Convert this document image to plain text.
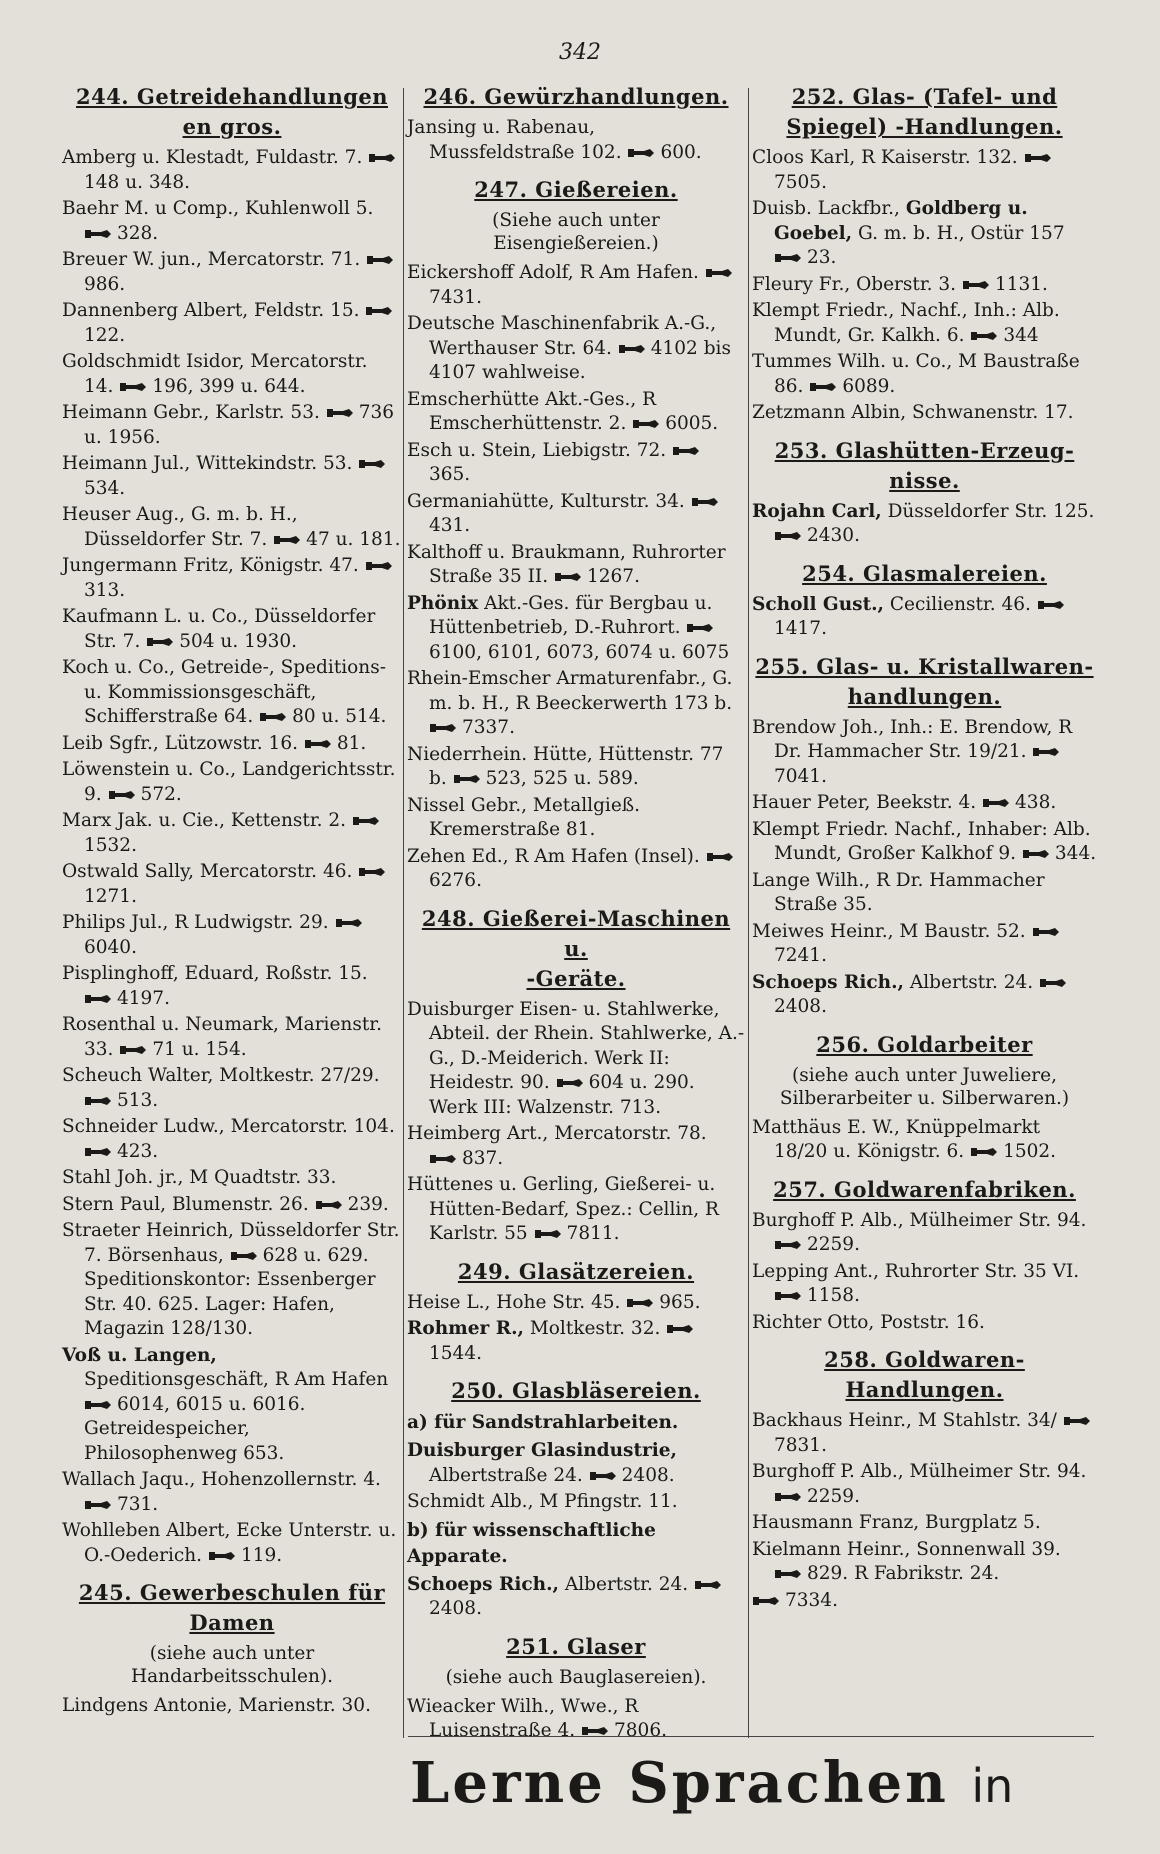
342
244. Getreidehandlungen
en gros.
Amberg u. Klestadt, Fuldastr. 7. 148 u. 348.
Baehr M. u Comp., Kuhlenwoll 5. 328.
Breuer W. jun., Mercatorstr. 71. 986.
Dannenberg Albert, Feldstr. 15. 122.
Goldschmidt Isidor, Mercatorstr. 14. 196, 399 u. 644.
Heimann Gebr., Karlstr. 53. 736 u. 1956.
Heimann Jul., Wittekindstr. 53. 534.
Heuser Aug., G. m. b. H., Düsseldorfer Str. 7. 47 u. 181.
Jungermann Fritz, Königstr. 47. 313.
Kaufmann L. u. Co., Düsseldorfer Str. 7. 504 u. 1930.
Koch u. Co., Getreide-, Speditions- u. Kommissionsgeschäft, Schifferstraße 64. 80 u. 514.
Leib Sgfr., Lützowstr. 16. 81.
Löwenstein u. Co., Landgerichtsstr. 9. 572.
Marx Jak. u. Cie., Kettenstr. 2. 1532.
Ostwald Sally, Mercatorstr. 46. 1271.
Philips Jul., R Ludwigstr. 29. 6040.
Pisplinghoff, Eduard, Roßstr. 15. 4197.
Rosenthal u. Neumark, Marienstr. 33. 71 u. 154.
Scheuch Walter, Moltkestr. 27/29. 513.
Schneider Ludw., Mercatorstr. 104. 423.
Stahl Joh. jr., M Quadtstr. 33.
Stern Paul, Blumenstr. 26. 239.
Straeter Heinrich, Düsseldorfer Str. 7. Börsenhaus, 628 u. 629. Speditionskontor: Essenberger Str. 40. 625. Lager: Hafen, Magazin 128/130.
Voß u. Langen, Speditionsgeschäft, R Am Hafen 6014, 6015 u. 6016. Getreidespeicher, Philosophenweg 653.
Wallach Jaqu., Hohenzollernstr. 4. 731.
Wohlleben Albert, Ecke Unterstr. u. O.-Oederich. 119.
245. Gewerbeschulen für
Damen
(siehe auch unter Handarbeitsschulen).
Lindgens Antonie, Marienstr. 30.
246. Gewürzhandlungen.
Jansing u. Rabenau, Mussfeldstraße 102. 600.
247. Gießereien.
(Siehe auch unter Eisengießereien.)
Eickershoff Adolf, R Am Hafen. 7431.
Deutsche Maschinenfabrik A.-G., Werthauser Str. 64. 4102 bis 4107 wahlweise.
Emscherhütte Akt.-Ges., R Emscherhüttenstr. 2. 6005.
Esch u. Stein, Liebigstr. 72. 365.
Germaniahütte, Kulturstr. 34. 431.
Kalthoff u. Braukmann, Ruhrorter Straße 35 II. 1267.
Phönix Akt.-Ges. für Bergbau u. Hüttenbetrieb, D.-Ruhrort. 6100, 6101, 6073, 6074 u. 6075
Rhein-Emscher Armaturenfabr., G. m. b. H., R Beeckerwerth 173 b. 7337.
Niederrhein. Hütte, Hüttenstr. 77 b. 523, 525 u. 589.
Nissel Gebr., Metallgieß. Kremerstraße 81.
Zehen Ed., R Am Hafen (Insel). 6276.
248. Gießerei-Maschinen u.
-Geräte.
Duisburger Eisen- u. Stahlwerke, Abteil. der Rhein. Stahlwerke, A.-G., D.-Meiderich. Werk II: Heidestr. 90. 604 u. 290. Werk III: Walzenstr. 713.
Heimberg Art., Mercatorstr. 78. 837.
Hüttenes u. Gerling, Gießerei- u. Hütten-Bedarf, Spez.: Cellin, R Karlstr. 55 7811.
249. Glasätzereien.
Heise L., Hohe Str. 45. 965.
Rohmer R., Moltkestr. 32. 1544.
250. Glasbläsereien.
a) für Sandstrahlarbeiten.
Duisburger Glasindustrie, Albertstraße 24. 2408.
Schmidt Alb., M Pfingstr. 11.
b) für wissenschaftliche Apparate.
Schoeps Rich., Albertstr. 24. 2408.
251. Glaser
(siehe auch Bauglasereien).
Wieacker Wilh., Wwe., R Luisenstraße 4. 7806.
252. Glas- (Tafel- und
Spiegel) -Handlungen.
Cloos Karl, R Kaiserstr. 132. 7505.
Duisb. Lackfbr., Goldberg u. Goebel, G. m. b. H., Ostür 157 23.
Fleury Fr., Oberstr. 3. 1131.
Klempt Friedr., Nachf., Inh.: Alb. Mundt, Gr. Kalkh. 6. 344
Tummes Wilh. u. Co., M Baustraße 86. 6089.
Zetzmann Albin, Schwanenstr. 17.
253. Glashütten-Erzeug-
nisse.
Rojahn Carl, Düsseldorfer Str. 125. 2430.
254. Glasmalereien.
Scholl Gust., Cecilienstr. 46. 1417.
255. Glas- u. Kristallwaren-
handlungen.
Brendow Joh., Inh.: E. Brendow, R Dr. Hammacher Str. 19/21. 7041.
Hauer Peter, Beekstr. 4. 438.
Klempt Friedr. Nachf., Inhaber: Alb. Mundt, Großer Kalkhof 9. 344.
Lange Wilh., R Dr. Hammacher Straße 35.
Meiwes Heinr., M Baustr. 52. 7241.
Schoeps Rich., Albertstr. 24. 2408.
256. Goldarbeiter
(siehe auch unter Juweliere, Silberarbeiter u. Silberwaren.)
Matthäus E. W., Knüppelmarkt 18/20 u. Königstr. 6. 1502.
257. Goldwarenfabriken.
Burghoff P. Alb., Mülheimer Str. 94. 2259.
Lepping Ant., Ruhrorter Str. 35 VI. 1158.
Richter Otto, Poststr. 16.
258. Goldwaren-
Handlungen.
Backhaus Heinr., M Stahlstr. 34/ 7831.
Burghoff P. Alb., Mülheimer Str. 94. 2259.
Hausmann Franz, Burgplatz 5.
Kielmann Heinr., Sonnenwall 39. 829. R Fabrikstr. 24.
7334.
Lerne Sprachen in
